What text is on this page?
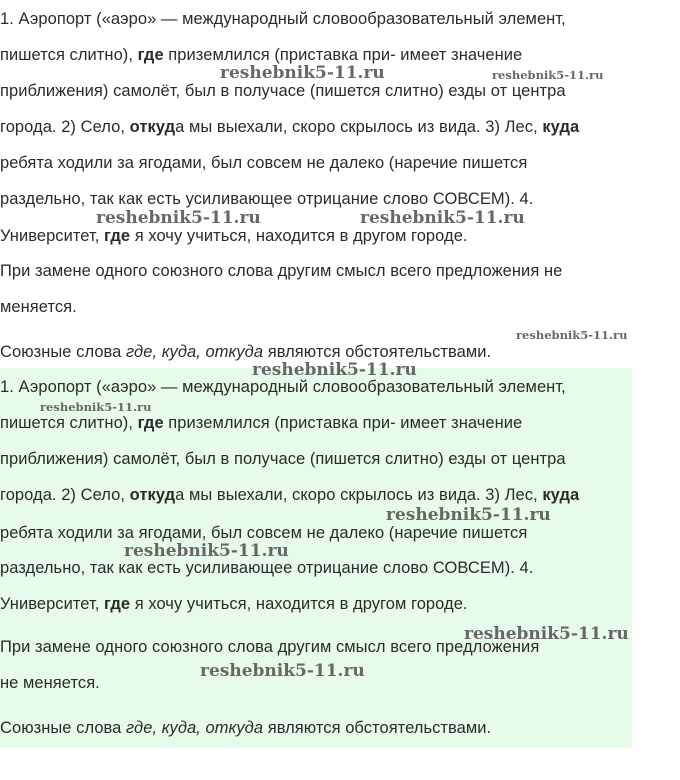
1. Аэропорт («аэро» — международный словообразовательный элемент,
пишется слитно), где приземлился (приставка при- имеет значение
приближения) самолёт, был в получасе (пишется слитно) езды от центра
города. 2) Село, откуда мы выехали, скоро скрылось из вида. 3) Лес, куда
ребята ходили за ягодами, был совсем не далеко (наречие пишется
раздельно, так как есть усиливающее отрицание слово СОВСЕМ). 4.
Университет, где я хочу учиться, находится в другом городе.
При замене одного союзного слова другим смысл всего предложения не
меняется.
Союзные слова где, куда, откуда являются обстоятельствами.
1. Аэропорт («аэро» — международный словообразовательный элемент,
пишется слитно), где приземлился (приставка при- имеет значение
приближения) самолёт, был в получасе (пишется слитно) езды от центра
города. 2) Село, откуда мы выехали, скоро скрылось из вида. 3) Лес, куда
ребята ходили за ягодами, был совсем не далеко (наречие пишется
раздельно, так как есть усиливающее отрицание слово СОВСЕМ). 4.
Университет, где я хочу учиться, находится в другом городе.
При замене одного союзного слова другим смысл всего предложения
не меняется.
Союзные слова где, куда, откуда являются обстоятельствами.
reshebnik5-11.ru	reshebnik5-11.ru
reshebnik5-11.ru	reshebnik5-11.ru
reshebnik5-11.ru
reshebnik5-11.ru
reshebnik5-11.ru
reshebnik5-11.ru
reshebnik5-11.ru
reshebnik5-11.ru
reshebnik5-11.ru
